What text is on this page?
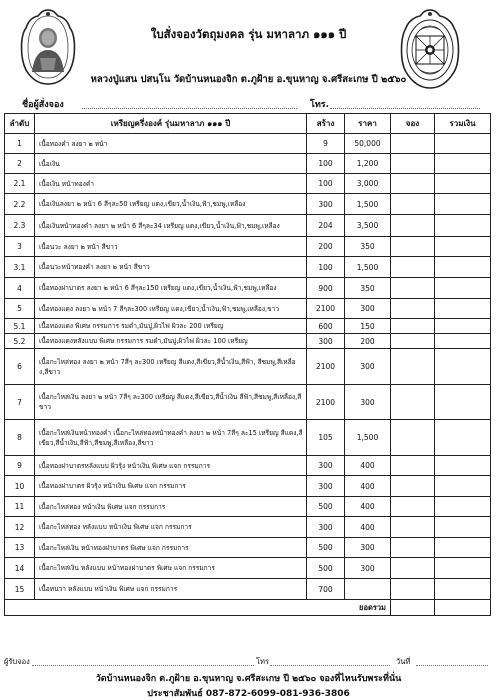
ใบสั่งจองวัตถุมงคล รุ่น มหาลาภ ๑๑๑ ปี
หลวงปู่แสน ปสนฺโน วัดบ้านหนองจิก ต.ภูฝ้าย อ.ขุนหาญ จ.ศรีสะเกษ ปี ๒๕๖๐
ชื่อผู้สั่งจอง	โทร.
ลำดับ	เหรียญครึ่งองค์ รุ่นมหาลาภ ๑๑๑ ปี	สร้าง	ราคา	จอง	รวมเงิน
1	เนื้อทองคำ ลงยา ๒ หน้า	9	50,000		
2	เนื้อเงิน	100	1,200		
2.1	เนื้อเงิน หน้าทองคำ	100	3,000		
2.2	เนื้อเงินลงยา ๒ หน้า 6 สีๆละ50 เหรียญ แดง,เขียว,น้ำเงิน,ฟ้า,ชมพู,เหลือง	300	1,500		
2.3	เนื้อเงินหน้าทองคำ ลงยา ๒ หน้า 6 สีๆละ34 เหรียญ แดง,เขียว,น้ำเงิน,ฟ้า,ชมพู,เหลือง	204	3,500		
3	เนื้อนวะ ลงยา ๒ หน้า สีขาว	200	350		
3.1	เนื้อนวะหน้าทองคำ ลงยา ๒ หน้า สีขาว	100	1,500		
4	เนื้อทองฝาบาตร ลงยา ๒ หน้า 6 สีๆละ150 เหรียญ แดง,เขียว,น้ำเงิน,ฟ้า,ชมพู,เหลือง	900	350		
5	เนื้อทองแดง ลงยา ๒ หน้า 7 สีๆละ300 เหรียญ แดง,เขียว,น้ำเงิน,ฟ้า,ชมพู,เหลือง,ขาว	2100	300		
5.1	เนื้อทองแดง พิเศษ กรรมการ รมดำ,มันปู,ผิวไฟ ผิวละ 200 เหรียญ	600	150		
5.2	เนื้อทองแดงหลังแบบ พิเศษ กรรมการ รมดำ,มันปู,ผิวไฟ ผิวละ 100 เหรียญ	300	200		
6	เนื้อกะไหล่ทอง ลงยา ๒ หน้า 7สีๆ ละ300 เหรียญ สีแดง,สีเขียว,สีน้ำเงิน,สีฟ้า, สีชมพู,สีเหลือง,สีขาว	2100	300		
7	เนื้อกะไหล่เงิน ลงยา ๒ หน้า 7สีๆ ละ300 เหรียญ สีแดง,สีเขียว,สีน้ำเงิน สีฟ้า,สีชมพู,สีเหลือง,สีขาว	2100	300		
8	เนื้อกะไหล่เงินหน้าทองคำ เนื้อกะไหล่ทองหน้าทองคำ ลงยา ๒ หน้า 7สีๆ ละ15 เหรียญ สีแดง,สีเขียว,สีน้ำเงิน,สีฟ้า,สีชมพู,สีเหลือง,สีขาว	105	1,500		
9	เนื้อทองฝาบาตรหลังแบบ ผิวรุ้ง หน้าเงิน พิเศษ แจก กรรมการ	300	400		
10	เนื้อทองฝาบาตร ผิวรุ้ง หน้าเงิน พิเศษ แจก กรรมการ	300	400		
11	เนื้อกะไหล่ทอง หน้าเงิน พิเศษ แจก กรรมการ	500	400		
12	เนื้อกะไหล่ทอง หลังแบบ หน้าเงิน พิเศษ แจก กรรมการ	300	400		
13	เนื้อกะไหล่เงิน หน้าทองฝาบาตร พิเศษ แจก กรรมการ	500	300		
14	เนื้อกะไหล่เงิน หลังแบบ หน้าทองฝาบาตร พิเศษ แจก กรรมการ	500	300		
15	เนื้อทนวา หลังแบบ หน้าเงิน พิเศษ แจก กรรมการ	700			
ยอดรวม					
ผู้รับจอง	โทร	วันที่
วัดบ้านหนองจิก ต.ภูฝ้าย อ.ขุนหาญ จ.ศรีสะเกษ ปี ๒๕๖๐ จองที่ไหนรับพระที่นั่น
ประชาสัมพันธ์ 087-872-6099-081-936-3806
